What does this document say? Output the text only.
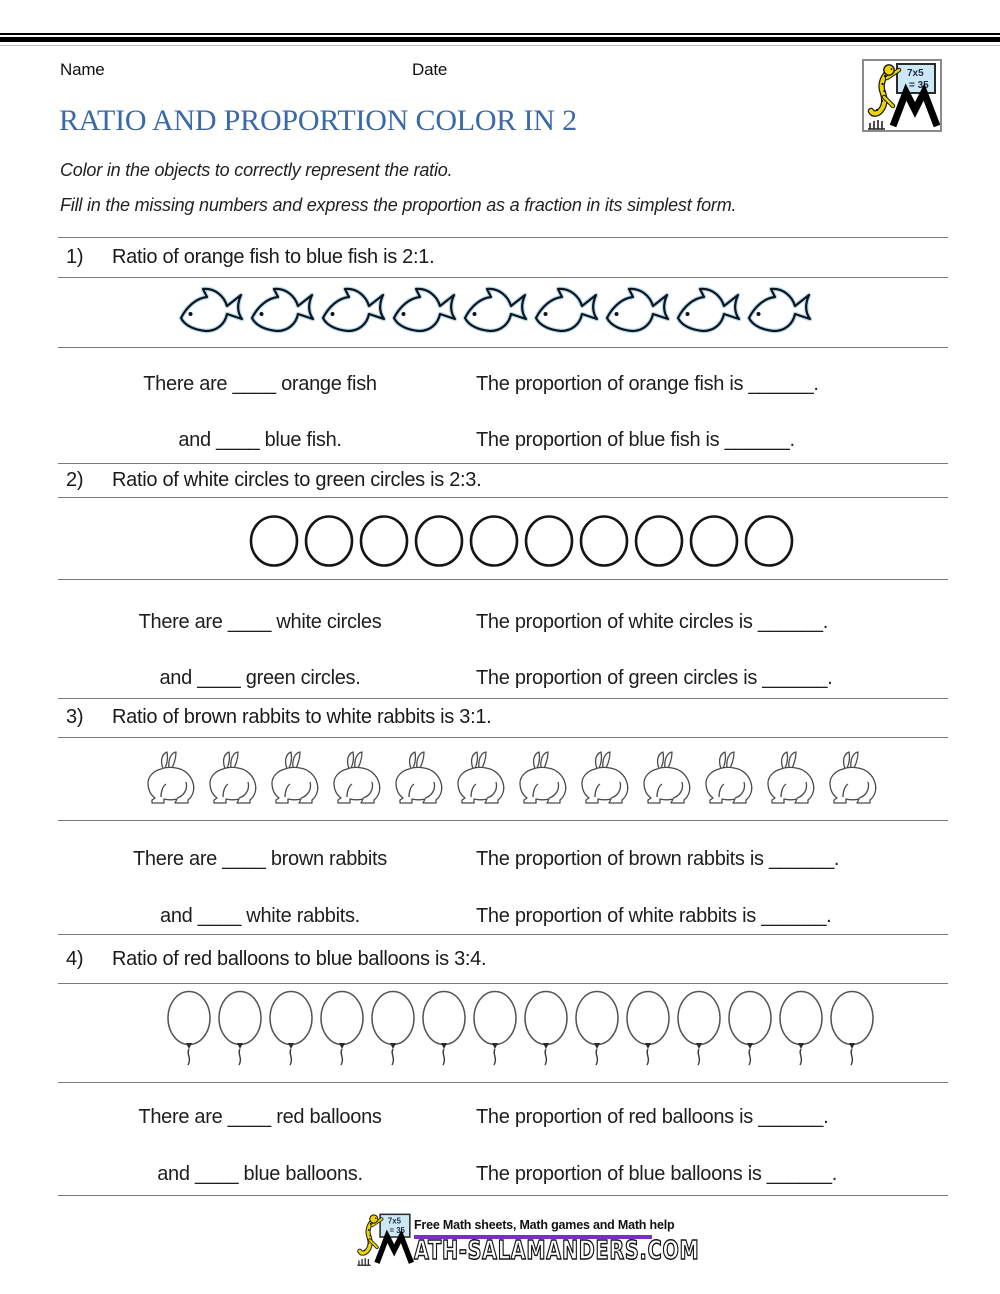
Name	Date	7x5
= 35
RATIO AND PROPORTION COLOR IN 2
Color in the objects to correctly represent the ratio.
Fill in the missing numbers and express the proportion as a fraction in its simplest form.
1) Ratio of orange fish to blue fish is 2:1.
There are ____ orange fish	The proportion of orange fish is ______.
and ____ blue fish.	The proportion of blue fish is ______.
2) Ratio of white circles to green circles is 2:3.
There are ____ white circles	The proportion of white circles is ______.
and ____ green circles.	The proportion of green circles is ______.
3) Ratio of brown rabbits to white rabbits is 3:1.
There are ____ brown rabbits	The proportion of brown rabbits is ______.
and ____ white rabbits.	The proportion of white rabbits is ______.
4) Ratio of red balloons to blue balloons is 3:4.
There are ____ red balloons	The proportion of red balloons is ______.
and ____ blue balloons.	The proportion of blue balloons is ______.
7x5
= 35 Free Math sheets, Math games and Math help
ATH-SALAMANDERS.COM
